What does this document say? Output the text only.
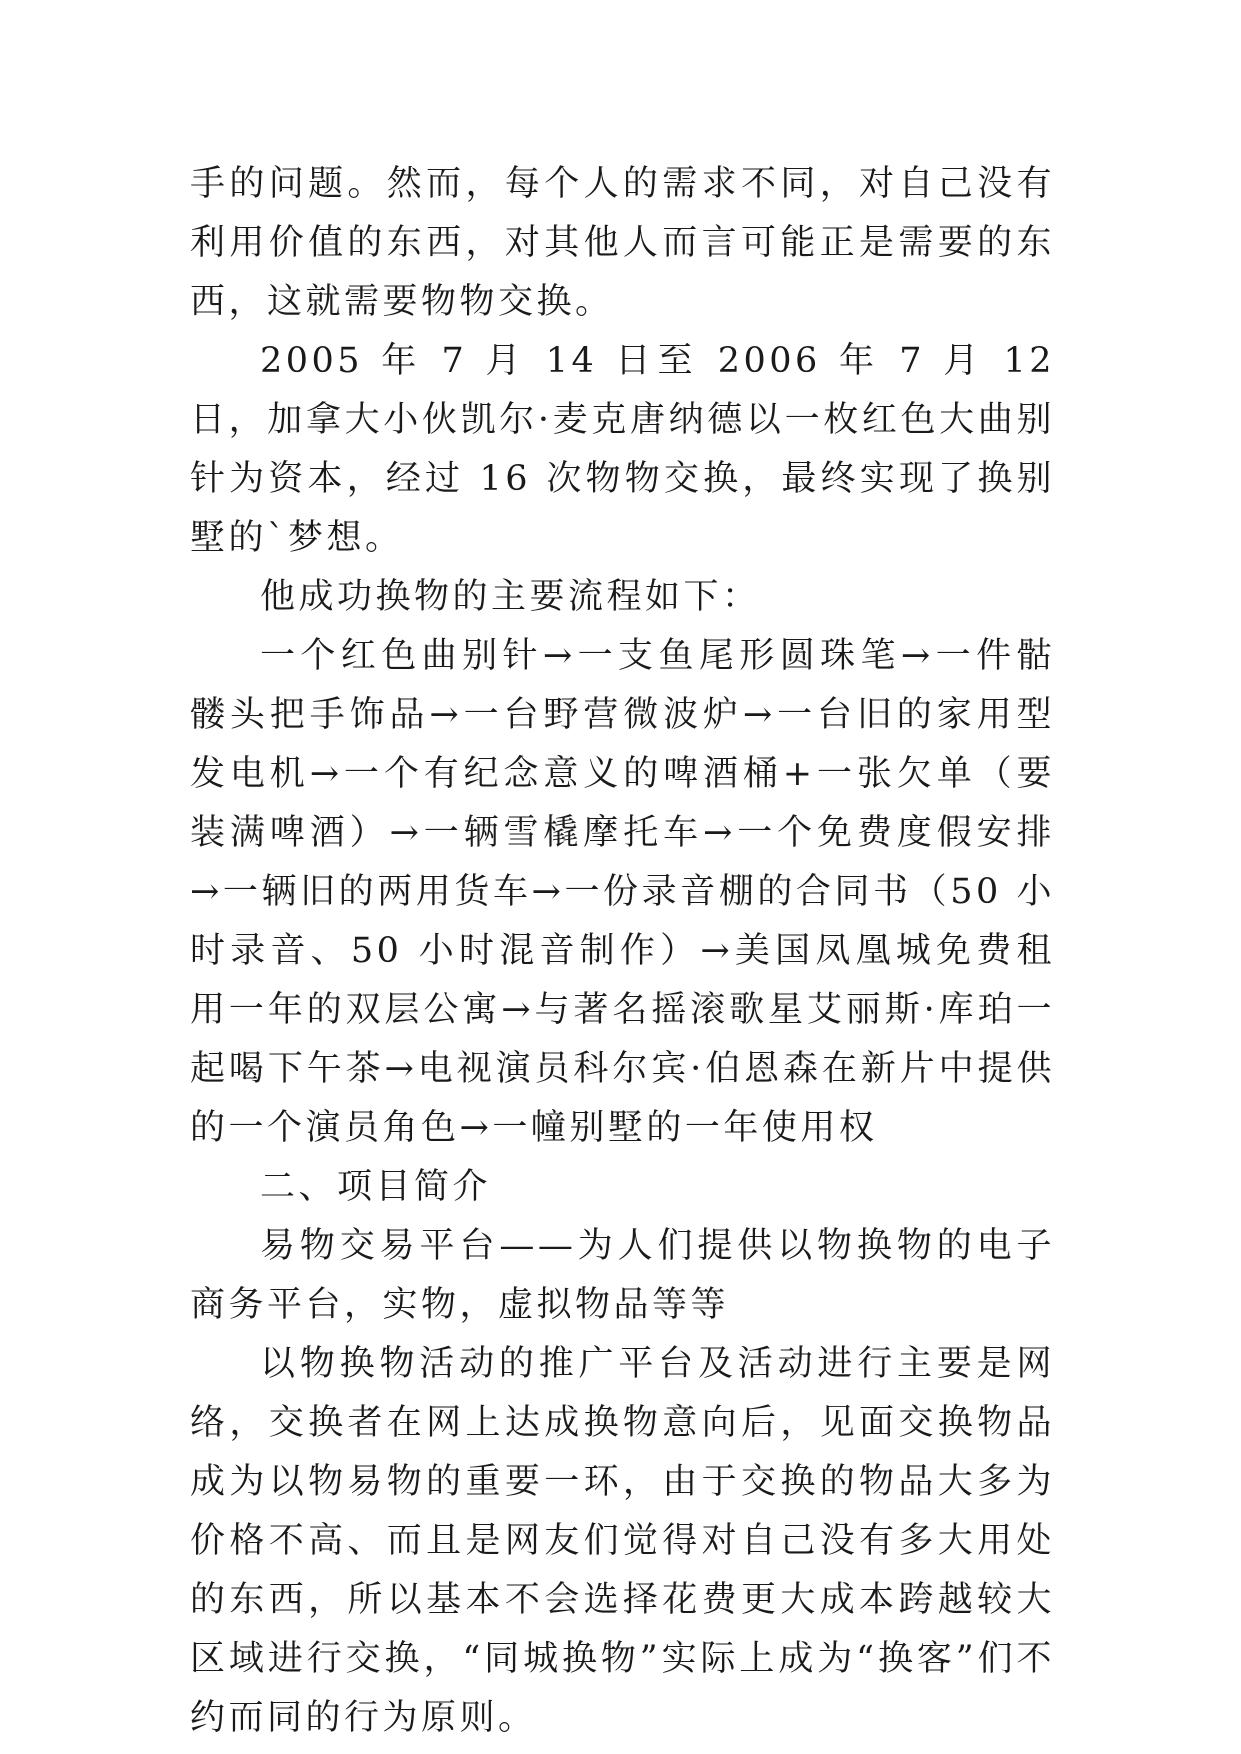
手的问题。然而，每个人的需求不同，对自己没有利用价值的东西，对其他人而言可能正是需要的东西，这就需要物物交换。

2005 年 7 月 14 日至 2006 年 7 月 12 日，加拿大小伙凯尔·麦克唐纳德以一枚红色大曲别针为资本，经过 16 次物物交换，最终实现了换别墅的`梦想。

他成功换物的主要流程如下：

一个红色曲别针→一支鱼尾形圆珠笔→一件骷髅头把手饰品→一台野营微波炉→一台旧的家用型发电机→一个有纪念意义的啤酒桶+一张欠单（要装满啤酒）→一辆雪橇摩托车→一个免费度假安排→一辆旧的两用货车→一份录音棚的合同书（50 小时录音、50 小时混音制作）→美国凤凰城免费租用一年的双层公寓→与著名摇滚歌星艾丽斯·库珀一起喝下午茶→电视演员科尔宾·伯恩森在新片中提供的一个演员角色→一幢别墅的一年使用权

二、项目简介

易物交易平台——为人们提供以物换物的电子商务平台，实物，虚拟物品等等

以物换物活动的推广平台及活动进行主要是网络，交换者在网上达成换物意向后，见面交换物品成为以物易物的重要一环，由于交换的物品大多为价格不高、而且是网友们觉得对自己没有多大用处的东西，所以基本不会选择花费更大成本跨越较大区域进行交换，“同城换物”实际上成为“换客”们不约而同的行为原则。
